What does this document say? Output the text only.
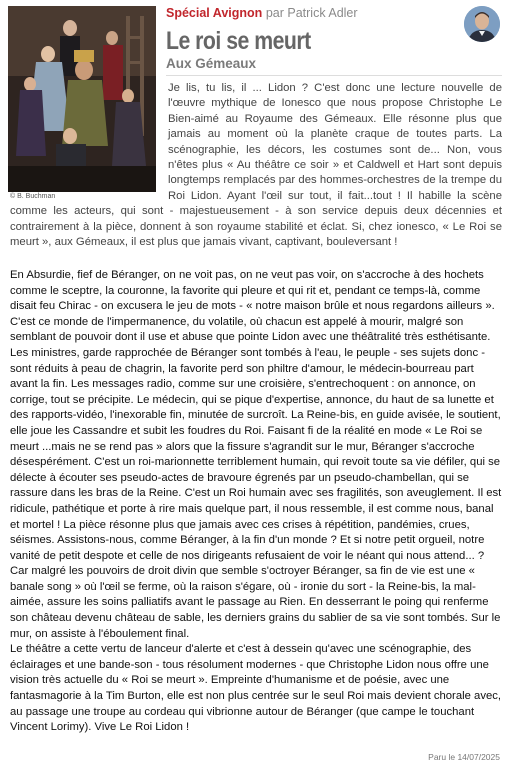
© B. Buchman
Spécial Avignon par Patrick Adler
Le roi se meurt
Aux Gémeaux

Je lis, tu lis, il ... Lidon ? C'est donc une lecture nouvelle de l'œuvre mythique de Ionesco que nous propose Christophe Le Bien-aimé au Royaume des Gémeaux. Elle résonne plus que jamais au moment où la planète craque de toutes parts. La scénographie, les décors, les costumes sont de... Non, vous n'êtes plus « Au théâtre ce soir » et Caldwell et Hart sont depuis longtemps remplacés par des hommes-orchestres de la trempe du Roi Lidon. Ayant l'œil sur tout, il fait...tout ! Il habille la scène comme les acteurs, qui sont - majestueusement - à son service depuis deux décennies et contrairement à la pièce, donnent à son royaume stabilité et éclat. Si, chez ionesco, « Le Roi se meurt », aux Gémeaux, il est plus que jamais vivant, captivant, bouleversant !

En Absurdie, fief de Béranger, on ne voit pas, on ne veut pas voir, on s'accroche à des hochets comme le sceptre, la couronne, la favorite qui pleure et qui rit et, pendant ce temps-là, comme disait feu Chirac - on excusera le jeu de mots - « notre maison brûle et nous regardons ailleurs ». C'est ce monde de l'impermanence, du volatile, où chacun est appelé à mourir, malgré son semblant de pouvoir dont il use et abuse que pointe Lidon avec une théâtralité très esthétisante. Les ministres, garde rapprochée de Béranger sont tombés à l'eau, le peuple - ses sujets donc - sont réduits à peau de chagrin, la favorite perd son philtre d'amour, le médecin-bourreau part avant la fin. Les messages radio, comme sur une croisière, s'entrechoquent : on annonce, on corrige, tout se précipite. Le médecin, qui se pique d'expertise, annonce, du haut de sa lunette et des rapports-vidéo, l'inexorable fin, minutée de surcroît. La Reine-bis, en guide avisée, le soutient, elle joue les Cassandre et subit les foudres du Roi. Faisant fi de la réalité en mode « Le Roi se meurt ...mais ne se rend pas » alors que la fissure s'agrandit sur le mur, Béranger s'accroche désespérément. C'est un roi-marionnette terriblement humain, qui revoit toute sa vie défiler, qui se délecte à écouter ses pseudo-actes de bravoure égrenés par un pseudo-chambellan, qui se rassure dans les bras de la Reine. C'est un Roi humain avec ses fragilités, son aveuglement. Il est ridicule, pathétique et porte à rire mais quelque part, il nous ressemble, il est comme nous, banal et mortel ! La pièce résonne plus que jamais avec ces crises à répétition, pandémies, crues, séismes. Assistons-nous, comme Béranger, à la fin d'un monde ? Et si notre petit orgueil, notre vanité de petit despote et celle de nos dirigeants refusaient de voir le néant qui nous attend... ? Car malgré les pouvoirs de droit divin que semble s'octroyer Béranger, sa fin de vie est une « banale song » où l'œil se ferme, où la raison s'égare, où - ironie du sort - la Reine-bis, la mal-aimée, assure les soins palliatifs avant le passage au Rien. En desserrant le poing qui renferme son château devenu château de sable, les derniers grains du sablier de sa vie sont tombés. Sur le mur, on assiste à l'éboulement final.

Le théâtre a cette vertu de lanceur d'alerte et c'est à dessein qu'avec une scénographie, des éclairages et une bande-son - tous résolument modernes - que Christophe Lidon nous offre une vision très actuelle du « Roi se meurt ». Empreinte d'humanisme et de poésie, avec une fantasmagorie à la Tim Burton, elle est non plus centrée sur le seul Roi mais devient chorale avec, au passage une troupe au cordeau qui vibrionne autour de Béranger (que campe le touchant Vincent Lorimy). Vive Le Roi Lidon !

Paru le 14/07/2025
